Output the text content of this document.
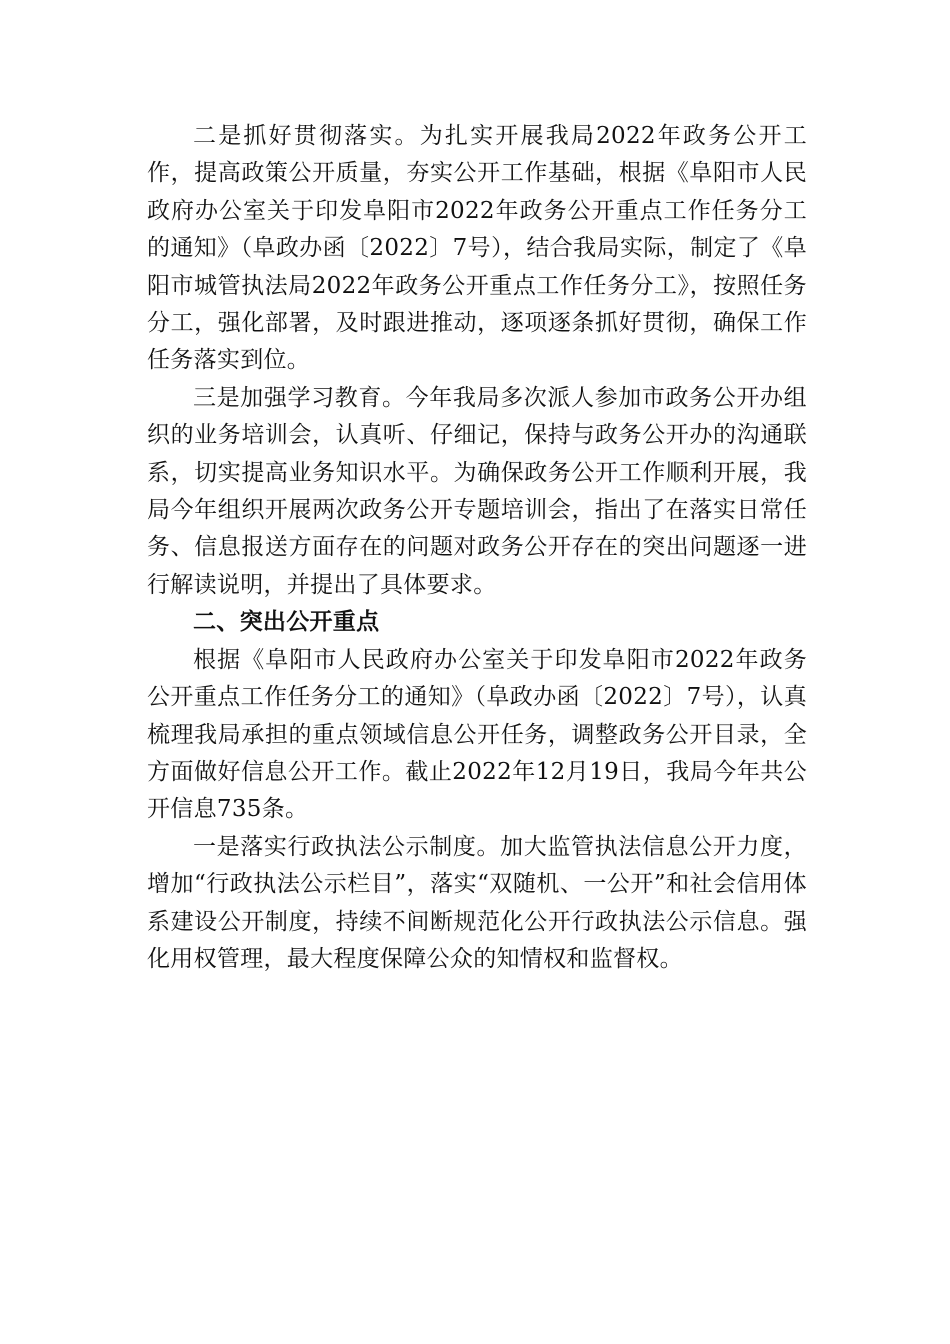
二是抓好贯彻落实。为扎实开展我局2022年政务公开工作，提高政策公开质量，夯实公开工作基础，根据《阜阳市人民政府办公室关于印发阜阳市2022年政务公开重点工作任务分工的通知》（阜政办函〔2022〕7号），结合我局实际，制定了《阜阳市城管执法局2022年政务公开重点工作任务分工》，按照任务分工，强化部署，及时跟进推动，逐项逐条抓好贯彻，确保工作任务落实到位。

三是加强学习教育。今年我局多次派人参加市政务公开办组织的业务培训会，认真听、仔细记，保持与政务公开办的沟通联系，切实提高业务知识水平。为确保政务公开工作顺利开展，我局今年组织开展两次政务公开专题培训会，指出了在落实日常任务、信息报送方面存在的问题对政务公开存在的突出问题逐一进行解读说明，并提出了具体要求。

二、突出公开重点

根据《阜阳市人民政府办公室关于印发阜阳市2022年政务公开重点工作任务分工的通知》（阜政办函〔2022〕7号），认真梳理我局承担的重点领域信息公开任务，调整政务公开目录，全方面做好信息公开工作。截止2022年12月19日，我局今年共公开信息735条。

一是落实行政执法公示制度。加大监管执法信息公开力度，增加“行政执法公示栏目”，落实“双随机、一公开”和社会信用体系建设公开制度，持续不间断规范化公开行政执法公示信息。强化用权管理，最大程度保障公众的知情权和监督权。
